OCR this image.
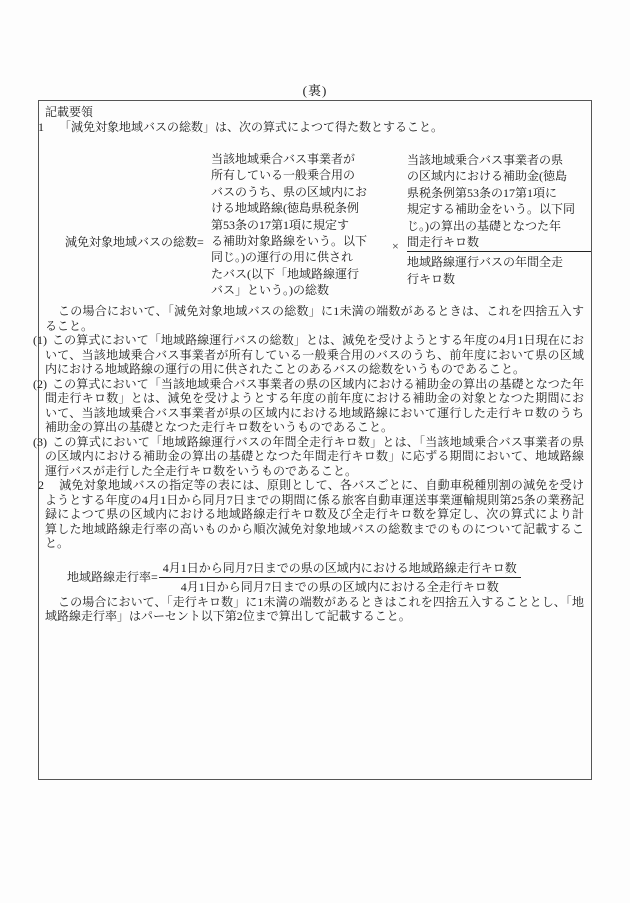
(裏)

記載要領

1 「減免対象地域バスの総数」は、次の算式によつて得た数とすること。

減免対象地域バスの総数=
当該地域乗合バス事業者が
所有している一般乗合用の
バスのうち、県の区域内にお
ける地域路線(徳島県税条例
第53条の17第1項に規定す
る補助対象路線をいう。以下
同じ。)の運行の用に供され
たバス(以下「地域路線運行
バス」という。)の総数
×
当該地域乗合バス事業者の県
の区域内における補助金(徳島
県税条例第53条の17第1項に
規定する補助金をいう。以下同
じ。)の算出の基礎となつた年
間走行キロ数
地域路線運行バスの年間全走
行キロ数

この場合において、「減免対象地域バスの総数」に1未満の端数があるときは、これを四捨五入すること。

(1) この算式において「地域路線運行バスの総数」とは、減免を受けようとする年度の4月1日現在において、当該地域乗合バス事業者が所有している一般乗合用のバスのうち、前年度において県の区域内における地域路線の運行の用に供されたことのあるバスの総数をいうものであること。

(2) この算式において「当該地域乗合バス事業者の県の区域内における補助金の算出の基礎となつた年間走行キロ数」とは、減免を受けようとする年度の前年度における補助金の対象となつた期間において、当該地域乗合バス事業者が県の区域内における地域路線において運行した走行キロ数のうち補助金の算出の基礎となつた走行キロ数をいうものであること。

(3) この算式において「地域路線運行バスの年間全走行キロ数」とは、「当該地域乗合バス事業者の県の区域内における補助金の算出の基礎となつた年間走行キロ数」に応ずる期間において、地域路線運行バスが走行した全走行キロ数をいうものであること。

2 減免対象地域バスの指定等の表には、原則として、各バスごとに、自動車税種別割の減免を受けようとする年度の4月1日から同月7日までの期間に係る旅客自動車運送事業運輸規則第25条の業務記録によつて県の区域内における地域路線走行キロ数及び全走行キロ数を算定し、次の算式により計算した地域路線走行率の高いものから順次減免対象地域バスの総数までのものについて記載すること。

地域路線走行率= $\frac{\text{4月1日から同月7日までの県の区域内における地域路線走行キロ数}}{\text{4月1日から同月7日までの県の区域内における全走行キロ数}}$

この場合において、「走行キロ数」に1未満の端数があるときはこれを四捨五入することとし、「地域路線走行率」はパーセント以下第2位まで算出して記載すること。
